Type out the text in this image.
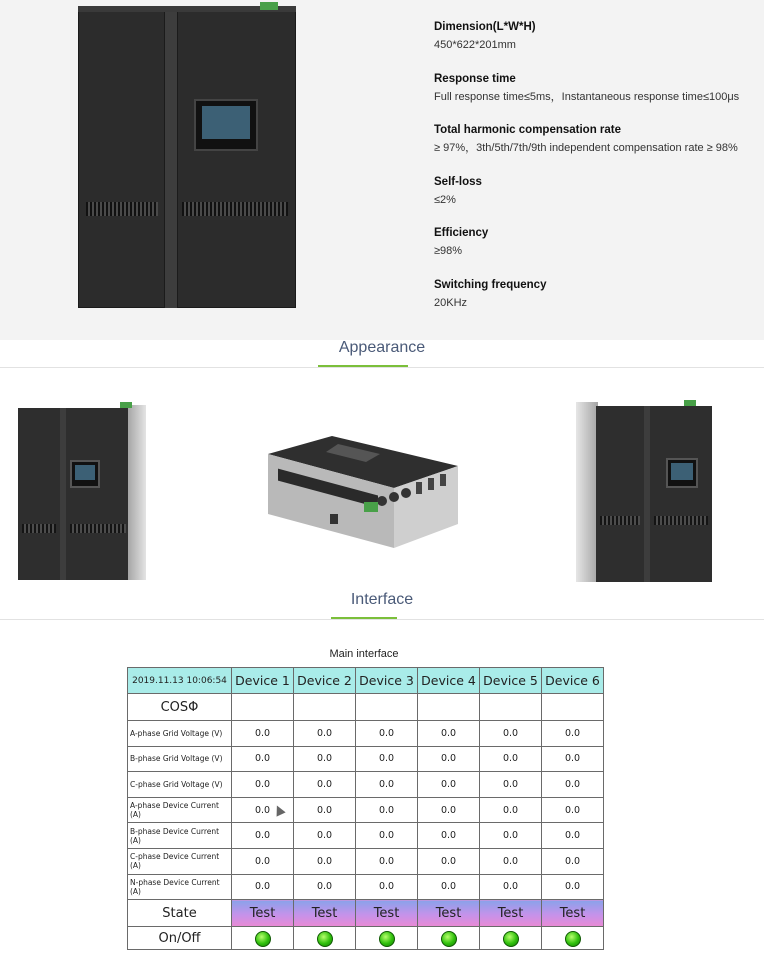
Dimension(L*W*H)
450*622*201mm
Response time
Full response time≤5ms，Instantaneous response time≤100μs
Total harmonic compensation rate
≥ 97%，3th/5th/7th/9th independent compensation rate ≥ 98%
Self-loss
≤2%
Efficiency
≥98%
Switching frequency
20KHz
Appearance
Interface
Main interface
2019.11.13 10:06:54	Device 1	Device 2	Device 3	Device 4	Device 5	Device 6
COSΦ						
A-phase Grid Voltage (V)	0.0	0.0	0.0	0.0	0.0	0.0
B-phase Grid Voltage (V)	0.0	0.0	0.0	0.0	0.0	0.0
C-phase Grid Voltage (V)	0.0	0.0	0.0	0.0	0.0	0.0
A-phase Device Current (A)	0.0	0.0	0.0	0.0	0.0	0.0
B-phase Device Current (A)	0.0	0.0	0.0	0.0	0.0	0.0
C-phase Device Current (A)	0.0	0.0	0.0	0.0	0.0	0.0
N-phase Device Current (A)	0.0	0.0	0.0	0.0	0.0	0.0
State	Test	Test	Test	Test	Test	Test
On/Off						
